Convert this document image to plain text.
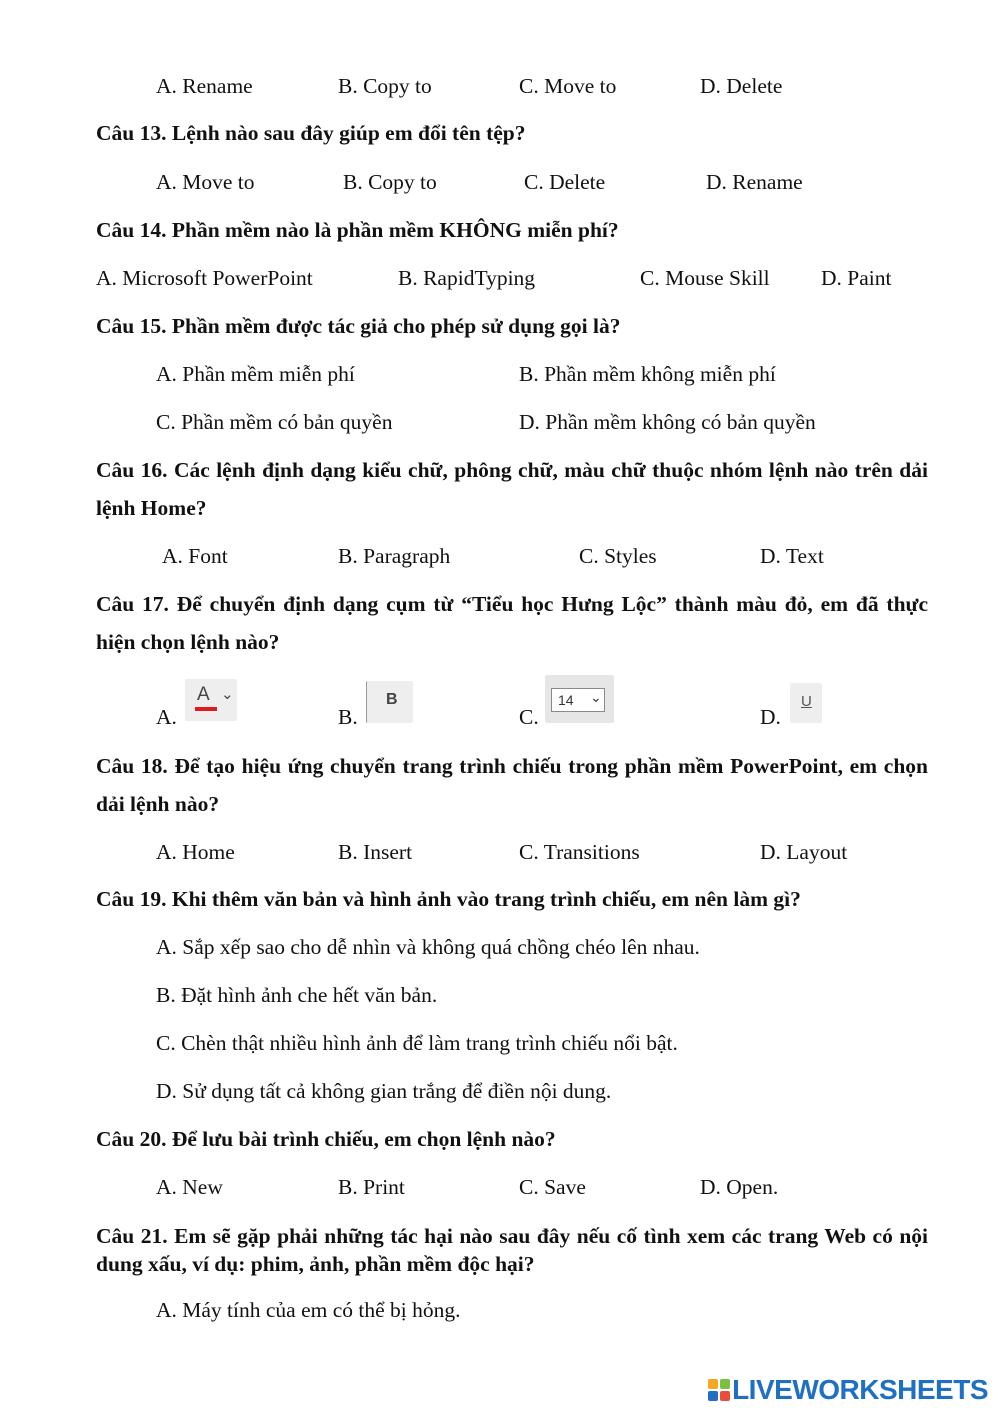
A. Rename	B. Copy to	C. Move to	D. Delete
Câu 13. Lệnh nào sau đây giúp em đổi tên tệp?
A. Move to	B. Copy to	C. Delete	D. Rename
Câu 14. Phần mềm nào là phần mềm KHÔNG miễn phí?
A. Microsoft PowerPoint	B. RapidTyping	C. Mouse Skill D. Paint
Câu 15. Phần mềm được tác giả cho phép sử dụng gọi là?
A. Phần mềm miễn phí	B. Phần mềm không miễn phí
C. Phần mềm có bản quyền	D. Phần mềm không có bản quyền
Câu 16. Các lệnh định dạng kiểu chữ, phông chữ, màu chữ thuộc nhóm lệnh nào trên dải lệnh Home?
A. Font	B. Paragraph	C. Styles	D. Text
Câu 17. Để chuyển định dạng cụm từ “Tiểu học Hưng Lộc” thành màu đỏ, em đã thực hiện chọn lệnh nào?
A.
A ⌄
B.
B
C.
14 ⌄
D.
U
Câu 18. Để tạo hiệu ứng chuyển trang trình chiếu trong phần mềm PowerPoint, em chọn dải lệnh nào?
A. Home	B. Insert	C. Transitions	D. Layout
Câu 19. Khi thêm văn bản và hình ảnh vào trang trình chiếu, em nên làm gì?
A. Sắp xếp sao cho dễ nhìn và không quá chồng chéo lên nhau.
B. Đặt hình ảnh che hết văn bản.
C. Chèn thật nhiều hình ảnh để làm trang trình chiếu nổi bật.
D. Sử dụng tất cả không gian trắng để điền nội dung.
Câu 20. Để lưu bài trình chiếu, em chọn lệnh nào?
A. New	B. Print	C. Save	D. Open.
Câu 21. Em sẽ gặp phải những tác hại nào sau đây nếu cố tình xem các trang Web có nội dung xấu, ví dụ: phim, ảnh, phần mềm độc hại?
A. Máy tính của em có thể bị hỏng.
LIVEWORKSHEETS
